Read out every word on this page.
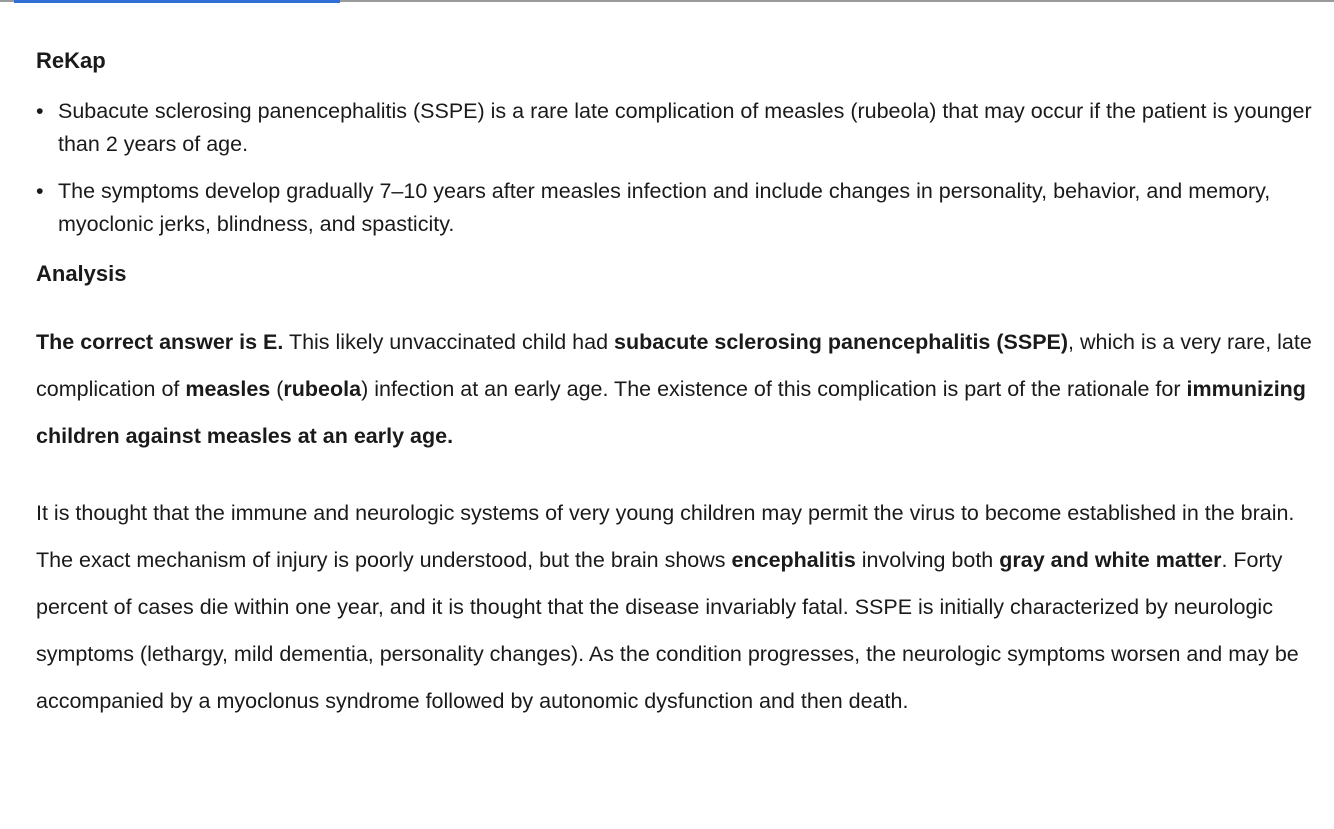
ReKap

• Subacute sclerosing panencephalitis (SSPE) is a rare late complication of measles (rubeola) that may occur if the patient is younger than 2 years of age.
• The symptoms develop gradually 7–10 years after measles infection and include changes in personality, behavior, and memory, myoclonic jerks, blindness, and spasticity.

Analysis

The correct answer is E. This likely unvaccinated child had subacute sclerosing panencephalitis (SSPE), which is a very rare, late complication of measles (rubeola) infection at an early age. The existence of this complication is part of the rationale for immunizing children against measles at an early age.

It is thought that the immune and neurologic systems of very young children may permit the virus to become established in the brain. The exact mechanism of injury is poorly understood, but the brain shows encephalitis involving both gray and white matter. Forty percent of cases die within one year, and it is thought that the disease invariably fatal. SSPE is initially characterized by neurologic symptoms (lethargy, mild dementia, personality changes). As the condition progresses, the neurologic symptoms worsen and may be accompanied by a myoclonus syndrome followed by autonomic dysfunction and then death.
